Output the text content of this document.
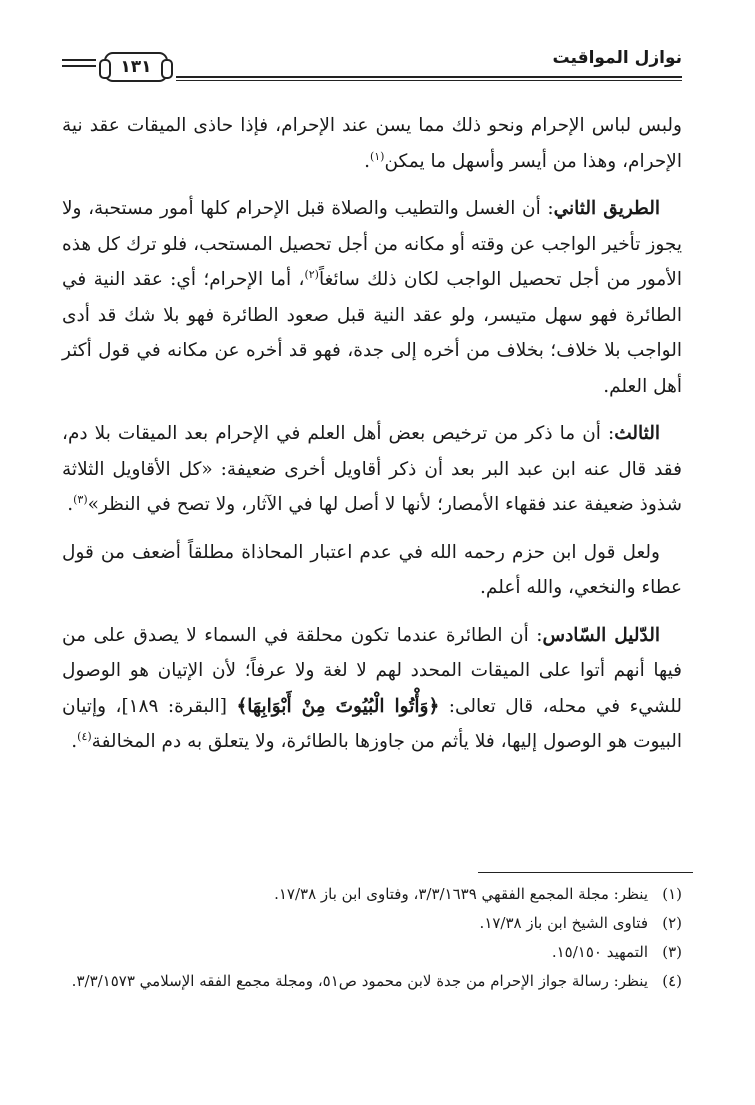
نوازل المواقيت
١٣١

ولبس لباس الإحرام ونحو ذلك مما يسن عند الإحرام، فإذا حاذى الميقات عقد نية الإحرام، وهذا من أيسر وأسهل ما يمكن$^{(١)}$.

الطريق الثاني: أن الغسل والتطيب والصلاة قبل الإحرام كلها أمور مستحبة، ولا يجوز تأخير الواجب عن وقته أو مكانه من أجل تحصيل المستحب، فلو ترك كل هذه الأمور من أجل تحصيل الواجب لكان ذلك سائغاً$^{(٢)}$، أما الإحرام؛ أي: عقد النية في الطائرة فهو سهل متيسر، ولو عقد النية قبل صعود الطائرة فهو بلا شك قد أدى الواجب بلا خلاف؛ بخلاف من أخره إلى جدة، فهو قد أخره عن مكانه في قول أكثر أهل العلم.

الثالث: أن ما ذكر من ترخيص بعض أهل العلم في الإحرام بعد الميقات بلا دم، فقد قال عنه ابن عبد البر بعد أن ذكر أقاويل أخرى ضعيفة: «كل الأقاويل الثلاثة شذوذ ضعيفة عند فقهاء الأمصار؛ لأنها لا أصل لها في الآثار، ولا تصح في النظر»$^{(٣)}$.

ولعل قول ابن حزم رحمه الله في عدم اعتبار المحاذاة مطلقاً أضعف من قول عطاء والنخعي، والله أعلم.

الدّليل السّادس: أن الطائرة عندما تكون محلقة في السماء لا يصدق على من فيها أنهم أتوا على الميقات المحدد لهم لا لغة ولا عرفاً؛ لأن الإتيان هو الوصول للشيء في محله، قال تعالى: ﴿وَأْتُوا الْبُيُوتَ مِنْ أَبْوَابِهَا﴾ [البقرة: ١٨٩]، وإتيان البيوت هو الوصول إليها، فلا يأثم من جاوزها بالطائرة، ولا يتعلق به دم المخالفة$^{(٤)}$.

(١)
ينظر: مجلة المجمع الفقهي ٣/٣/١٦٣٩، وفتاوى ابن باز ١٧/٣٨.
(٢)
فتاوى الشيخ ابن باز ١٧/٣٨.
(٣)
التمهيد ١٥/١٥٠.
(٤)
ينظر: رسالة جواز الإحرام من جدة لابن محمود ص٥١، ومجلة مجمع الفقه الإسلامي ٣/٣/١٥٧٣.
